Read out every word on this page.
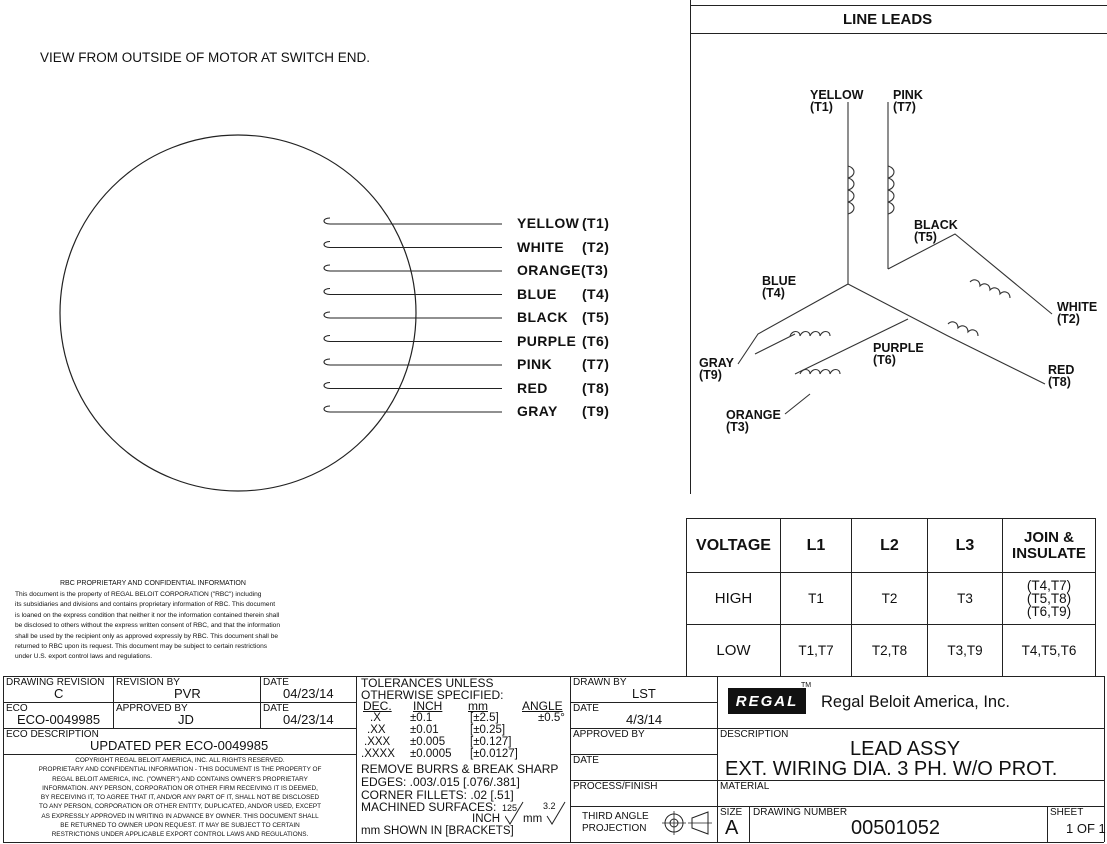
VIEW FROM OUTSIDE OF MOTOR AT SWITCH END.
YELLOW (T1)
WHITE (T2)
ORANGE (T3)
BLUE (T4)
BLACK (T5)
PURPLE (T6)
PINK (T7)
RED (T8)
GRAY (T9)
LINE LEADS
YELLOW
(T1)
PINK
(T7)
BLACK
(T5)
BLUE
(T4)
WHITE
(T2)
PURPLE
(T6)
GRAY
(T9)	RED
(T8)
ORANGE
(T3)
VOLTAGE	L1	L2	L3	JOIN & INSULATE
HIGH	T1	T2	T3
(T4,T7)
(T5,T8)
(T6,T9)
LOW	T1,T7	T2,T8	T3,T9	T4,T5,T6
RBC PROPRIETARY AND CONFIDENTIAL INFORMATION
This document is the property of REGAL BELOIT CORPORATION ("RBC") including
its subsidiaries and divisions and contains proprietary information of RBC. This document
is loaned on the express condition that neither it nor the information contained therein shall
be disclosed to others without the express written consent of RBC, and that the information
shall be used by the recipient only as approved expressly by RBC. This document shall be
returned to RBC upon its request. This document may be subject to certain restrictions
under U.S. export control laws and regulations.
DRAWING REVISION
C
REVISION BY
PVR
DATE
04/23/14
ECO
ECO-0049985
APPROVED BY
JD
DATE
04/23/14
ECO DESCRIPTION
UPDATED PER ECO-0049985
COPYRIGHT REGAL BELOIT AMERICA, INC. ALL RIGHTS RESERVED.
PROPRIETARY AND CONFIDENTIAL INFORMATION - THIS DOCUMENT IS THE PROPERTY OF
REGAL BELOIT AMERICA, INC. ("OWNER") AND CONTAINS OWNER'S PROPRIETARY
INFORMATION. ANY PERSON, CORPORATION OR OTHER FIRM RECEIVING IT IS DEEMED,
BY RECEIVING IT, TO AGREE THAT IT, AND/OR ANY PART OF IT, SHALL NOT BE DISCLOSED
TO ANY PERSON, CORPORATION OR OTHER ENTITY, DUPLICATED, AND/OR USED, EXCEPT
AS EXPRESSLY APPROVED IN WRITING IN ADVANCE BY OWNER. THIS DOCUMENT SHALL
BE RETURNED TO OWNER UPON REQUEST. IT MAY BE SUBJECT TO CERTAIN
RESTRICTIONS UNDER APPLICABLE EXPORT CONTROL LAWS AND REGULATIONS.
TOLERANCES UNLESS
OTHERWISE SPECIFIED:
DEC. INCH mm	ANGLE
.X	±0.1	[±2.5]	±0.5°
.XX ±0.01	[±0.25]
.XXX ±0.005 [±0.127]
.XXXX ±0.0005 [±0.0127]
REMOVE BURRS & BREAK SHARP
EDGES: .003/.015 [.076/.381]
CORNER FILLETS: .02 [.51]
MACHINED SURFACES: 125	3.2
INCH mm
mm SHOWN IN [BRACKETS]
DRAWN BY
LST
DATE
4/3/14
APPROVED BY
DATE
PROCESS/FINISH
THIRD ANGLE
PROJECTION
REGAL
TM
Regal Beloit America, Inc.
DESCRIPTION
LEAD ASSY
EXT. WIRING DIA. 3 PH. W/O PROT.
MATERIAL
SIZE
A
DRAWING NUMBER
00501052
SHEET
1 OF 1
